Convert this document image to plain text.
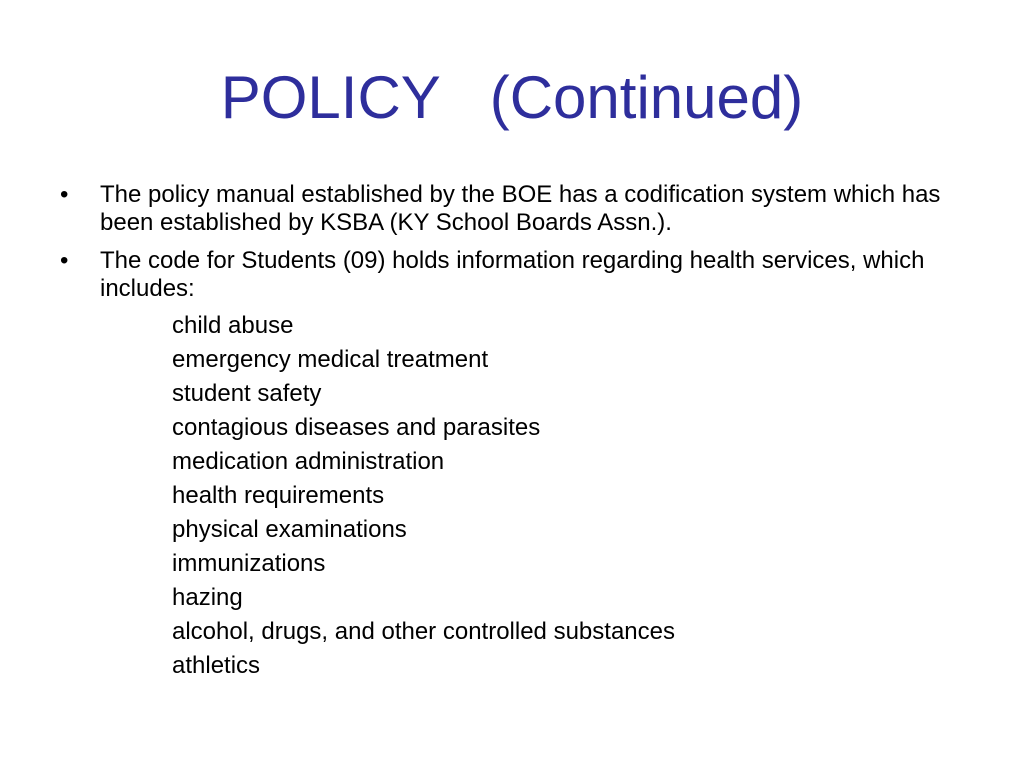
POLICY   (Continued)
• The policy manual established by the BOE has a codification system which has been established by KSBA (KY School Boards Assn.).
• The code for Students (09) holds information regarding health services, which includes:
child abuse
emergency medical treatment
student safety
contagious diseases and parasites
medication administration
health requirements
physical examinations
immunizations
hazing
alcohol, drugs, and other controlled substances
athletics
